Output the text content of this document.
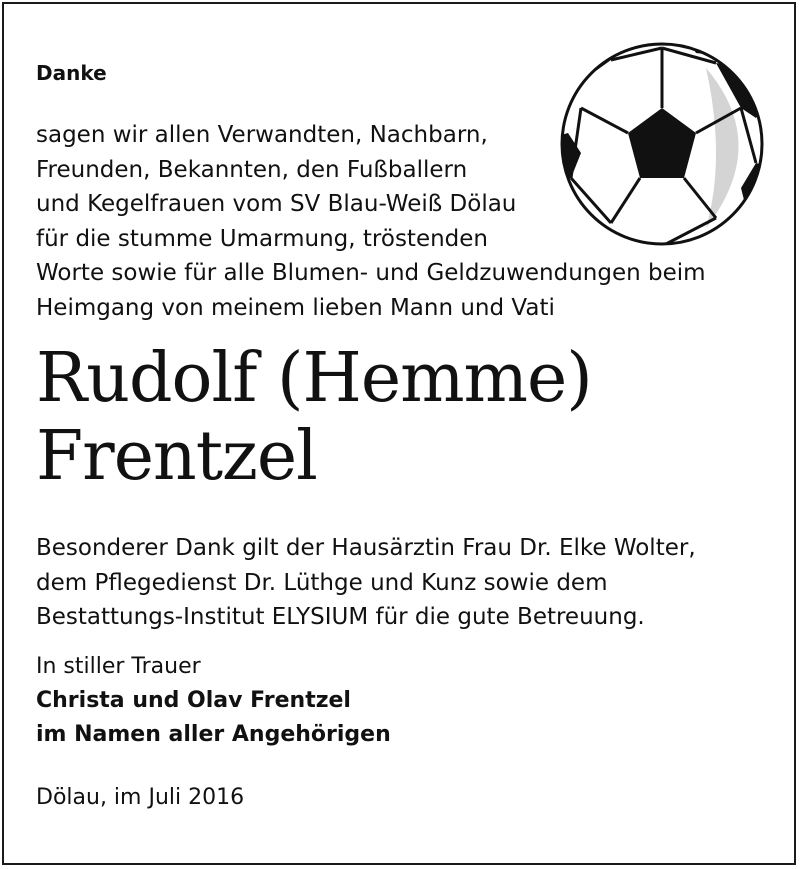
Danke
sagen wir allen Verwandten, Nachbarn,
Freunden, Bekannten, den Fußballern
und Kegelfrauen vom SV Blau-Weiß Dölau
für die stumme Umarmung, tröstenden
Worte sowie für alle Blumen- und Geldzuwendungen beim
Heimgang von meinem lieben Mann und Vati
Rudolf (Hemme)
Frentzel
Besonderer Dank gilt der Hausärztin Frau Dr. Elke Wolter,
dem Pflegedienst Dr. Lüthge und Kunz sowie dem
Bestattungs-Institut ELYSIUM für die gute Betreuung.
In stiller Trauer
Christa und Olav Frentzel
im Namen aller Angehörigen
Dölau, im Juli 2016
